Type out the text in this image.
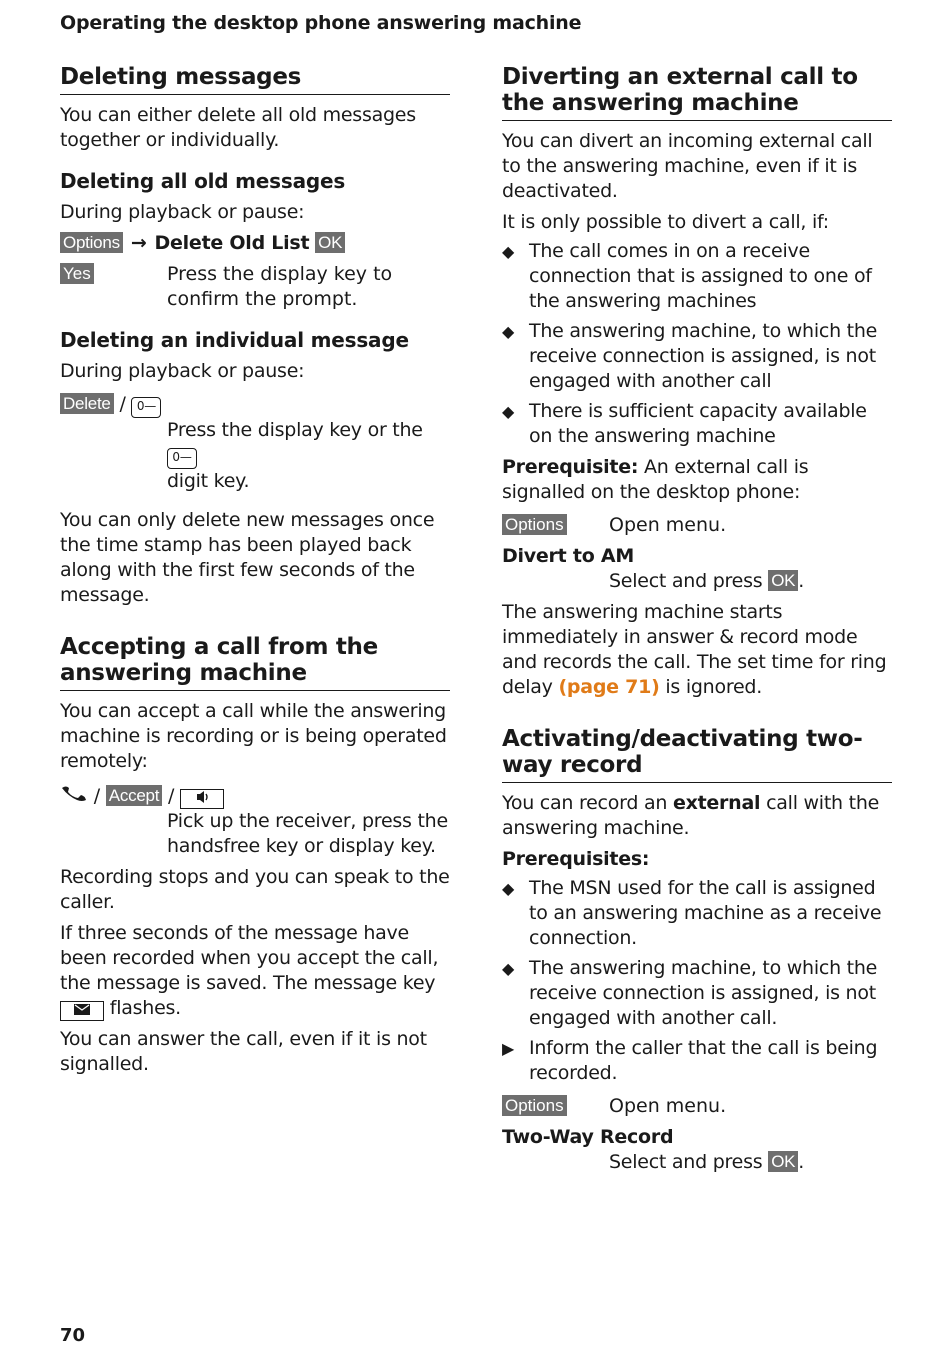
Operating the desktop phone answering machine
Deleting messages

You can either delete all old messages together or individually.

Deleting all old messages

During playback or pause:

Options → Delete Old List OK
Yes	Press the display key to confirm the prompt.
Deleting an individual message

During playback or pause:

Delete / 0—
Press the display key or the 0—
digit key.

You can only delete new messages once the time stamp has been played back along with the first few seconds of the message.

Accepting a call from the answering machine

You can accept a call while the answering machine is recording or is being operated remotely:

/ Accept /
Pick up the receiver, press the handsfree key or display key.

Recording stops and you can speak to the caller.

If three seconds of the message have been recorded when you accept the call, the message is saved. The message key  flashes.

You can answer the call, even if it is not signalled.

Diverting an external call to the answering machine

You can divert an incoming external call to the answering machine, even if it is deactivated.

It is only possible to divert a call, if:

◆ The call comes in on a receive connection that is assigned to one of the answering machines
◆ The answering machine, to which the receive connection is assigned, is not engaged with another call
◆ There is sufficient capacity available on the answering machine

Prerequisite: An external call is signalled on the desktop phone:

Options	Open menu.
Divert to AM
Select and press OK .

The answering machine starts immediately in answer & record mode and records the call. The set time for ring delay (page 71) is ignored.

Activating/deactivating two-way record

You can record an external call with the answering machine.

Prerequisites:
◆ The MSN used for the call is assigned to an answering machine as a receive connection.
◆ The answering machine, to which the receive connection is assigned, is not engaged with another call.
▶ Inform the caller that the call is being recorded.
Options	Open menu.
Two-Way Record
Select and press OK .
70
